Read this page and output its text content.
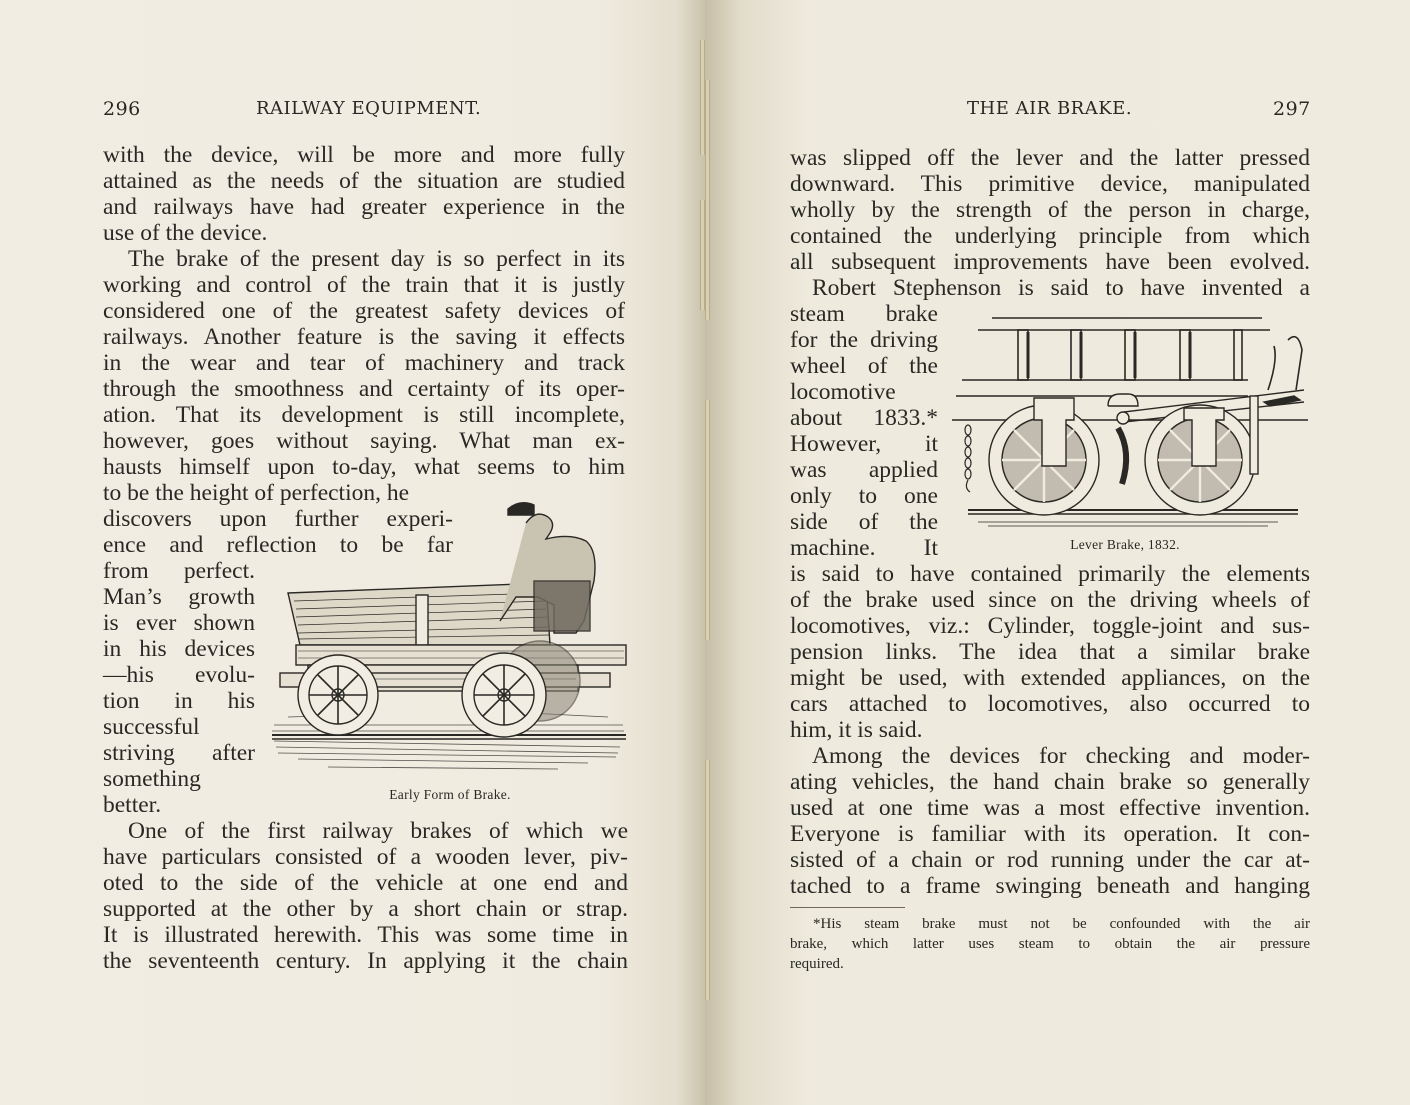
296	RAILWAY EQUIPMENT.
with the device, will be more and more fully
attained as the needs of the situation are studied
and railways have had greater experience in the
use of the device.
The brake of the present day is so perfect in its
working and control of the train that it is justly
considered one of the greatest safety devices of
railways. Another feature is the saving it effects
in the wear and tear of machinery and track
through the smoothness and certainty of its oper-
ation. That its development is still incomplete,
however, goes without saying. What man ex-
hausts himself upon to-day, what seems to him
to be the height of perfection, he
discovers upon further experi-
ence and reflection to be far
from perfect.
Man’s growth
is ever shown
in his devices
—his evolu-
tion in his
successful
striving after
something
better.
One of the first railway brakes of which we
have particulars consisted of a wooden lever, piv-
oted to the side of the vehicle at one end and
supported at the other by a short chain or strap.
It is illustrated herewith. This was some time in
the seventeenth century. In applying it the chain
Early Form of Brake.
THE AIR BRAKE.	297
was slipped off the lever and the latter pressed
downward. This primitive device, manipulated
wholly by the strength of the person in charge,
contained the underlying principle from which
all subsequent improvements have been evolved.
Robert Stephenson is said to have invented a
steam brake
for the driving
wheel of the
locomotive
about 1833.*
However, it
was applied
only to one
side of the
machine. It
is said to have contained primarily the elements
of the brake used since on the driving wheels of
locomotives, viz.: Cylinder, toggle-joint and sus-
pension links. The idea that a similar brake
might be used, with extended appliances, on the
cars attached to locomotives, also occurred to
him, it is said.
Among the devices for checking and moder-
ating vehicles, the hand chain brake so generally
used at one time was a most effective invention.
Everyone is familiar with its operation. It con-
sisted of a chain or rod running under the car at-
tached to a frame swinging beneath and hanging
*His steam brake must not be confounded with the air
brake, which latter uses steam to obtain the air pressure
required.
Lever Brake, 1832.
